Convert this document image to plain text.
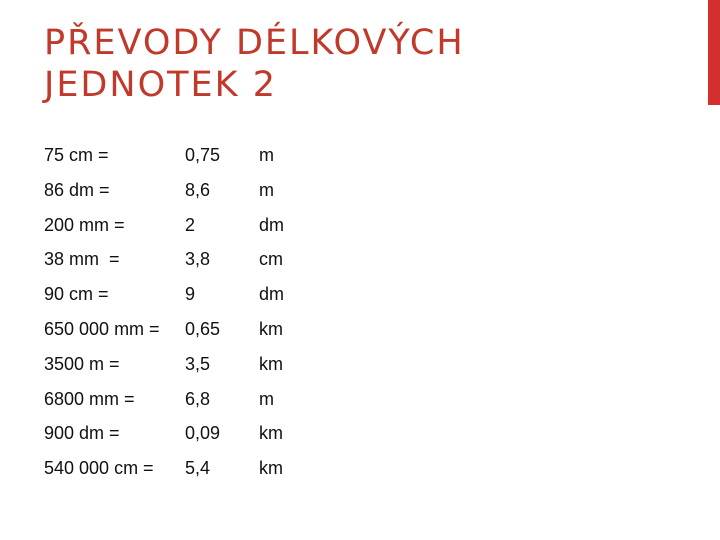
PŘEVODY DÉLKOVÝCH
JEDNOTEK 2
75 cm =	0,75 m
86 dm =	8,6	m
200 mm =	2	dm
38 mm  =	3,8	cm
90 cm =	9	dm
650 000 mm = 0,65 km
3500 m =	3,5	km
6800 mm =	6,8	m
900 dm =	0,09 km
540 000 cm = 5,4	km
